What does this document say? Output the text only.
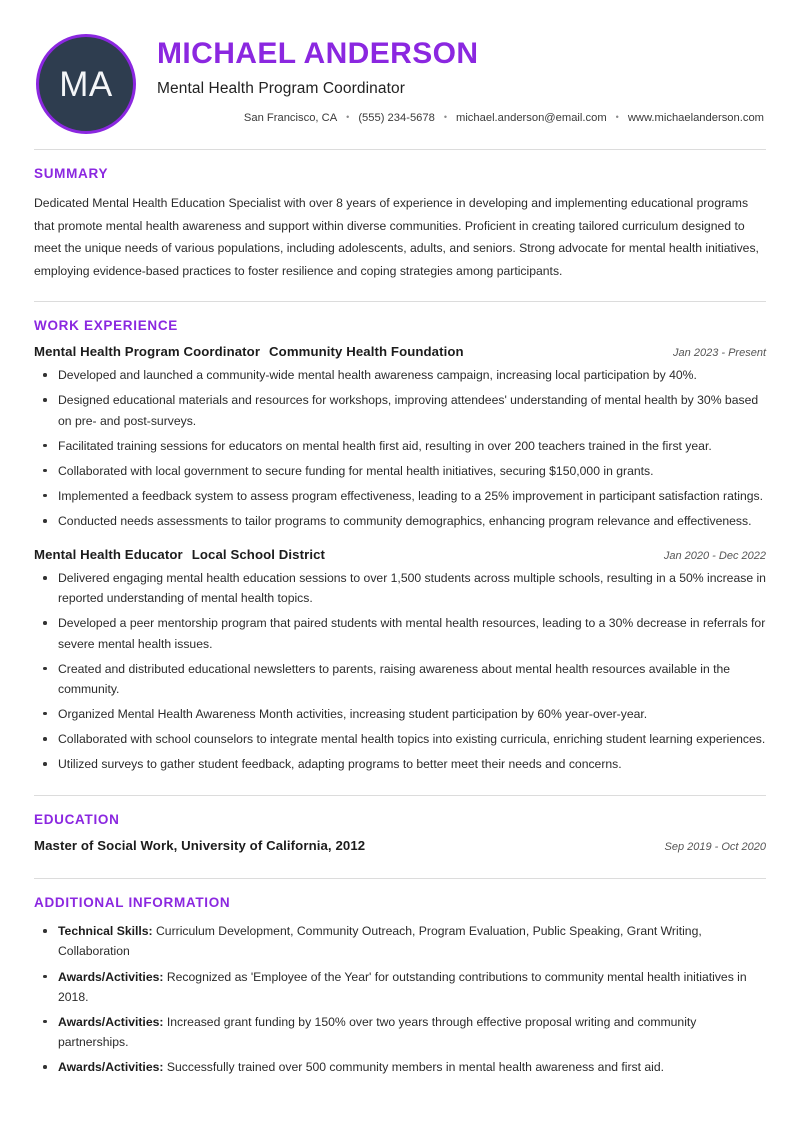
MA
MICHAEL ANDERSON
Mental Health Program Coordinator
San Francisco, CA	• (555) 234-5678	• michael.anderson@email.com	• www.michaelanderson.com
SUMMARY
Dedicated Mental Health Education Specialist with over 8 years of experience in developing and implementing educational programs that promote mental health awareness and support within diverse communities. Proficient in creating tailored curriculum designed to meet the unique needs of various populations, including adolescents, adults, and seniors. Strong advocate for mental health initiatives, employing evidence-based practices to foster resilience and coping strategies among participants.
WORK EXPERIENCE
Mental Health Program Coordinator Community Health Foundation	Jan 2023 - Present
Developed and launched a community-wide mental health awareness campaign, increasing local participation by 40%.
Designed educational materials and resources for workshops, improving attendees' understanding of mental health by 30% based on pre- and post-surveys.
Facilitated training sessions for educators on mental health first aid, resulting in over 200 teachers trained in the first year.
Collaborated with local government to secure funding for mental health initiatives, securing $150,000 in grants.
Implemented a feedback system to assess program effectiveness, leading to a 25% improvement in participant satisfaction ratings.
Conducted needs assessments to tailor programs to community demographics, enhancing program relevance and effectiveness.
Mental Health Educator Local School District	Jan 2020 - Dec 2022
Delivered engaging mental health education sessions to over 1,500 students across multiple schools, resulting in a 50% increase in reported understanding of mental health topics.
Developed a peer mentorship program that paired students with mental health resources, leading to a 30% decrease in referrals for severe mental health issues.
Created and distributed educational newsletters to parents, raising awareness about mental health resources available in the community.
Organized Mental Health Awareness Month activities, increasing student participation by 60% year-over-year.
Collaborated with school counselors to integrate mental health topics into existing curricula, enriching student learning experiences.
Utilized surveys to gather student feedback, adapting programs to better meet their needs and concerns.
EDUCATION
Master of Social Work, University of California, 2012	Sep 2019 - Oct 2020
ADDITIONAL INFORMATION
Technical Skills: Curriculum Development, Community Outreach, Program Evaluation, Public Speaking, Grant Writing, Collaboration
Awards/Activities: Recognized as 'Employee of the Year' for outstanding contributions to community mental health initiatives in 2018.
Awards/Activities: Increased grant funding by 150% over two years through effective proposal writing and community partnerships.
Awards/Activities: Successfully trained over 500 community members in mental health awareness and first aid.
